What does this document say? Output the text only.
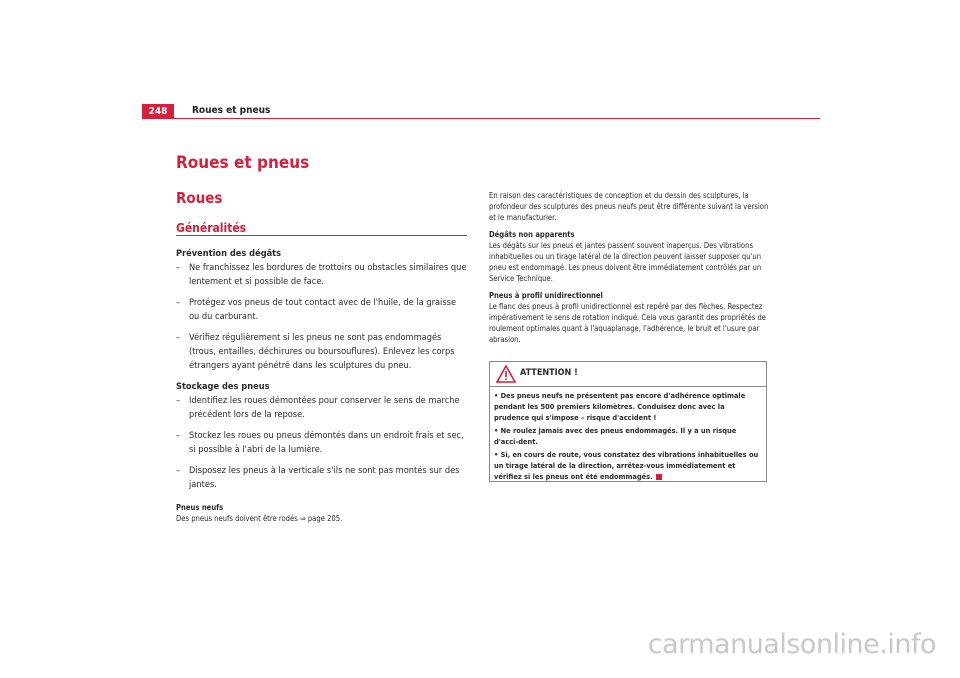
248	Roues et pneus
Roues et pneus
Roues
Généralités

Prévention des dégâts

– Ne franchissez les bordures de trottoirs ou obstacles similaires que lentement et si possible de face.
– Protégez vos pneus de tout contact avec de l'huile, de la graisse ou du carburant.
– Vérifiez régulièrement si les pneus ne sont pas endommagés (trous, entailles, déchirures ou boursouflures). Enlevez les corps étrangers ayant pénétré dans les sculptures du pneu.

Stockage des pneus

– Identifiez les roues démontées pour conserver le sens de marche précédent lors de la repose.
– Stockez les roues ou pneus démontés dans un endroit frais et sec, si possible à l'abri de la lumière.
– Disposez les pneus à la verticale s'ils ne sont pas montés sur des jantes.
Pneus neufs
Des pneus neufs doivent être rodés ⇒ page 205.

En raison des caractéristiques de conception et du dessin des sculptures, la profondeur des sculptures des pneus neufs peut être différente suivant la version et le manufacturier.

Dégâts non apparents

Les dégâts sur les pneus et jantes passent souvent inaperçus. Des vibrations inhabituelles ou un tirage latéral de la direction peuvent laisser supposer qu'un pneu est endommagé. Les pneus doivent être immédiatement contrôlés par un Service Technique.

Pneus à profil unidirectionnel

Le flanc des pneus à profil unidirectionnel est repéré par des flèches. Respectez impérativement le sens de rotation indiqué. Cela vous garantit des propriétés de roulement optimales quant à l'aquaplanage, l'adhérence, le bruit et l'usure par abrasion.

ATTENTION !

• Des pneus neufs ne présentent pas encore d'adhérence optimale pendant les 500 premiers kilomètres. Conduisez donc avec la prudence qui s'impose – risque d'accident !

• Ne roulez jamais avec des pneus endommagés. Il y a un risque d'acci-dent.

• Si, en cours de route, vous constatez des vibrations inhabituelles ou un tirage latéral de la direction, arrêtez-vous immédiatement et vérifiez si les pneus ont été endommagés.

carmanualsonline.info
